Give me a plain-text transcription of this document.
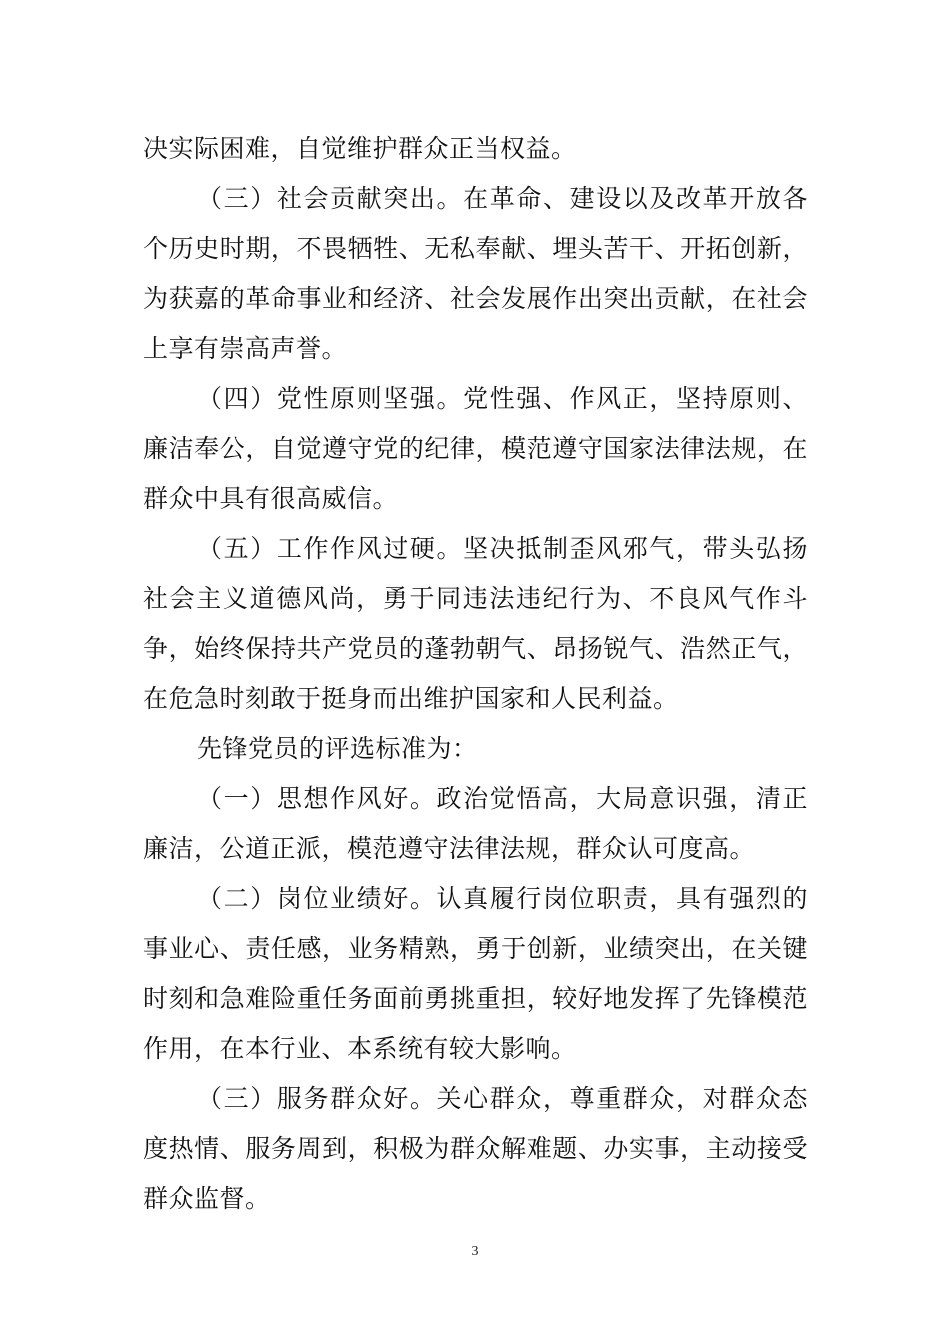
决实际困难，自觉维护群众正当权益。

（三）社会贡献突出。在革命、建设以及改革开放各个历史时期，不畏牺牲、无私奉献、埋头苦干、开拓创新，为获嘉的革命事业和经济、社会发展作出突出贡献，在社会上享有崇高声誉。

（四）党性原则坚强。党性强、作风正，坚持原则、廉洁奉公，自觉遵守党的纪律，模范遵守国家法律法规，在群众中具有很高威信。

（五）工作作风过硬。坚决抵制歪风邪气，带头弘扬社会主义道德风尚，勇于同违法违纪行为、不良风气作斗争，始终保持共产党员的蓬勃朝气、昂扬锐气、浩然正气，在危急时刻敢于挺身而出维护国家和人民利益。

先锋党员的评选标准为：

（一）思想作风好。政治觉悟高，大局意识强，清正廉洁，公道正派，模范遵守法律法规，群众认可度高。

（二）岗位业绩好。认真履行岗位职责，具有强烈的事业心、责任感，业务精熟，勇于创新，业绩突出，在关键时刻和急难险重任务面前勇挑重担，较好地发挥了先锋模范作用，在本行业、本系统有较大影响。

（三）服务群众好。关心群众，尊重群众，对群众态度热情、服务周到，积极为群众解难题、办实事，主动接受群众监督。

3
